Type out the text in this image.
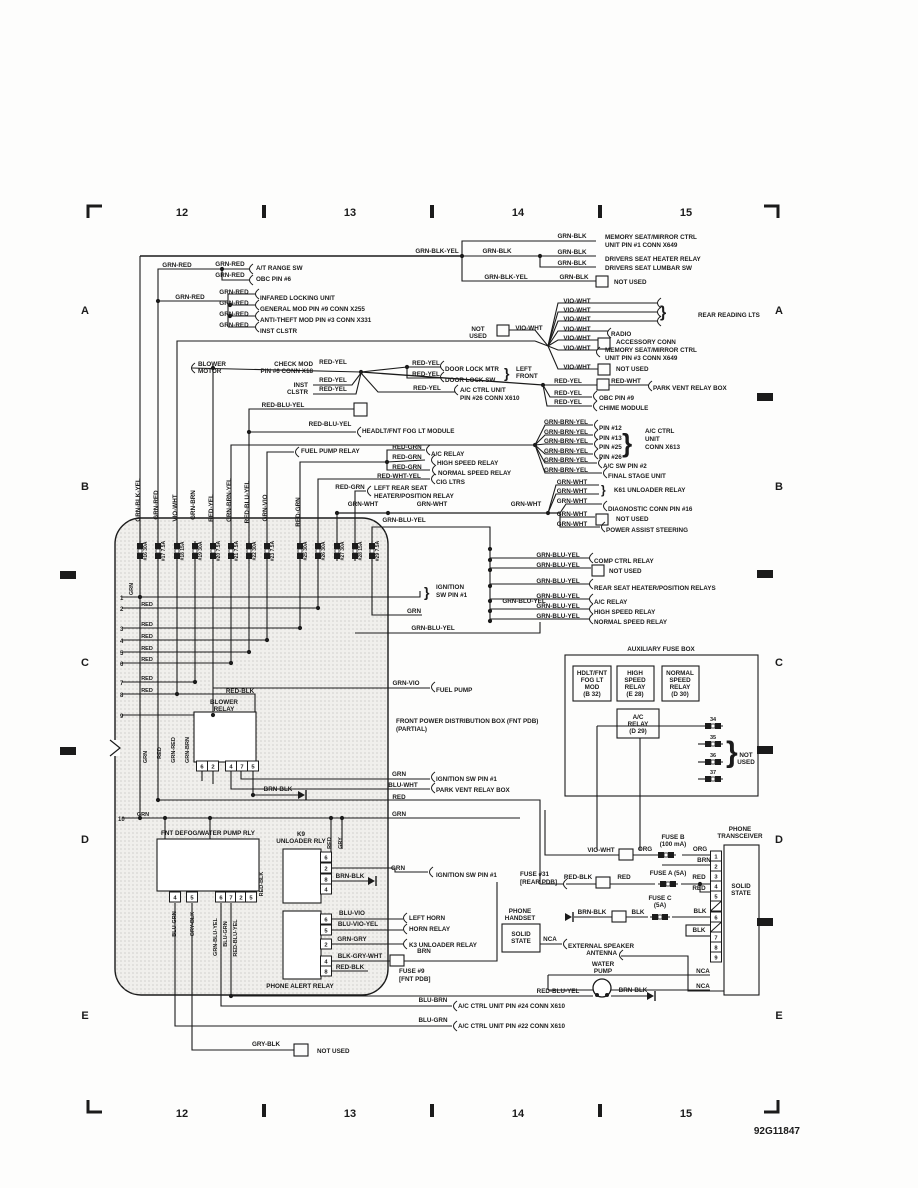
6 2	4 7 5
4 5	6 7 2 5
6
2
8
4
6
5
2
4
8
1
2
3
4
5
6
7
8
9
12	13	14	15
12	13	14	15
A
B
C
D
E
A
B
C
D
E
92G11847
GRN-BLK-YEL	GRN-BLK
GRN-BLK	MEMORY SEAT/MIRROR CTRL
UNIT PIN #1 CONN X649
GRN-BLK
DRIVERS SEAT HEATER RELAY
GRN-BLK
DRIVERS SEAT LUMBAR SW
GRN-BLK-YEL	GRN-BLK
NOT USED
GRN-RED	GRN-RED
A/T RANGE SW
GRN-RED
OBC PIN #6
GRN-RED
GRN-RED
INFARED LOCKING UNIT
GRN-RED
GENERAL MOD PIN #9 CONN X255
GRN-RED
ANTI-THEFT MOD PIN #3 CONN X331
GRN-RED
INST CLSTR	NOT
USED
VIO-WHT
VIO-WHT
VIO-WHT
VIO-WHT
REAR READING LTS
VIO-WHT
RADIO
VIO-WHT
ACCESSORY CONN
VIO-WHT MEMORY SEAT/MIRROR CTRL
UNIT PIN #3 CONN X649
VIO-WHT	NOT USED
BLOWER
MOTOR
CHECK MOD
PIN #6 CONN X18
RED-YEL	RED-YEL
DOOR LOCK MTR
RED-YEL
DOOR LOCK SW
LEFT
FRONT
INST
CLSTR
RED-YEL
RED-YEL	RED-YEL	A/C CTRL UNIT
PIN #26 CONN X610
RED-YEL	RED-WHT
PARK VENT RELAY BOX
RED-YEL
OBC PIN #9
RED-YEL
CHIME MODULE
RED-BLU-YEL
RED-BLU-YEL
HEADLT/FNT FOG LT MODULE
FUEL PUMP RELAY
RED-GRN
A/C RELAY
RED-GRN
HIGH SPEED RELAY
RED-GRN
NORMAL SPEED RELAY
RED-WHT-YEL
CIG LTRS
GRN-BRN-YEL
PIN #12
GRN-BRN-YEL
PIN #13
GRN-BRN-YEL
PIN #25
GRN-BRN-YEL
PIN #26
A/C CTRL
UNIT
CONN X613
GRN-BRN-YEL
A/C SW PIN #2
GRN-BRN-YEL
FINAL STAGE UNIT
GRN-WHT
GRN-WHT	K61 UNLOADER RELAY
GRN-WHT
DIAGNOSTIC CONN PIN #16
RED-GRN LEFT REAR SEAT
HEATER/POSITION RELAY
GRN-WHT	GRN-WHT	GRN-WHT
GRN-WHT
NOT USED
GRN-WHT
POWER ASSIST STEERING
GRN-BLU-YEL
GRN-BLK-YEL GRN-RED VIO-WHT GRN-BRN RED-YEL GRN-BRN-YEL RED-BLU-YEL GRN-VIO	RED-GRN
#16 30A #17 7.5A	#18 15A #19 30A #20 7.5A #21 7.5A #22 30A #23 7.5A	#25 30A #26 30A	#27 30A #28 15A #29 7.5A
1
GRN
2
RED
3
RED
4
RED
5
RED
6
RED
7
RED
8
RED
9
10
GRN
IGNITION
SW PIN #1
GRN
GRN-BLU-YEL
GRN-BLU-YEL
COMP CTRL RELAY
GRN-BLU-YEL
NOT USED
GRN-BLU-YEL
REAR SEAT HEATER/POSITION RELAYS
GRN-BLU-YEL
GRN-BLU-YEL
A/C RELAY
GRN-BLU-YEL
HIGH SPEED RELAY
GRN-BLU-YEL
NORMAL SPEED RELAY
GRN-VIO
FUEL PUMP
RED-BLK
BLOWER
RELAY
FRONT POWER DISTRIBUTION BOX (FNT PDB)
(PARTIAL)
GRN RED GRN-RED GRN-BRN
GRN
IGNITION SW PIN #1
BLU-WHT
PARK VENT RELAY BOX
BRN-BLK
RED
GRN
AUXILIARY FUSE BOX
HDLT/FNT
FOG LT
MOD
(B 32)
HIGH
SPEED
RELAY
(E 28)
NORMAL
SPEED
RELAY
(D 30)
A/C
RELAY
(D 29)
34
35
36
37
NOT
USED
FNT DEFOG/WATER PUMP RLY
BLU-GRN GRY-BLK	GRN-BLU-YEL BLU-GRN RED-BLU-YEL
RED-BLK
K9
UNLOADER RLY RED GRY
BRN-BLK
GRN
IGNITION SW PIN #1
BLU-VIO
LEFT HORN
BLU-VIO-YEL
HORN RELAY
GRN-GRY
K3 UNLOADER RELAY
BLK-GRY-WHT
RED-BLK
BRN
FUSE #9
[FNT PDB]
PHONE ALERT RELAY
PHONE
HANDSET
SOLID
STATE NCA
EXTERNAL SPEAKER
ANTENNA
WATER
PUMP
RED-BLU-YEL	BRN-BLK
BLU-BRN
A/C CTRL UNIT PIN #24 CONN X610
BLU-GRN
A/C CTRL UNIT PIN #22 CONN X610
GRY-BLK
NOT USED
VIO-WHT	ORG
FUSE B
(100 mA)
ORG
BRN
FUSE #31
[REAR PDB]
RED-BLK	RED
FUSE A (5A)
RED
RED
FUSE C
(5A)
BRN-BLK	BLK	BLK
BLK
PHONE
TRANSCEIVER
SOLID
STATE
NCA
NCA
}
}
}
}
}
}
